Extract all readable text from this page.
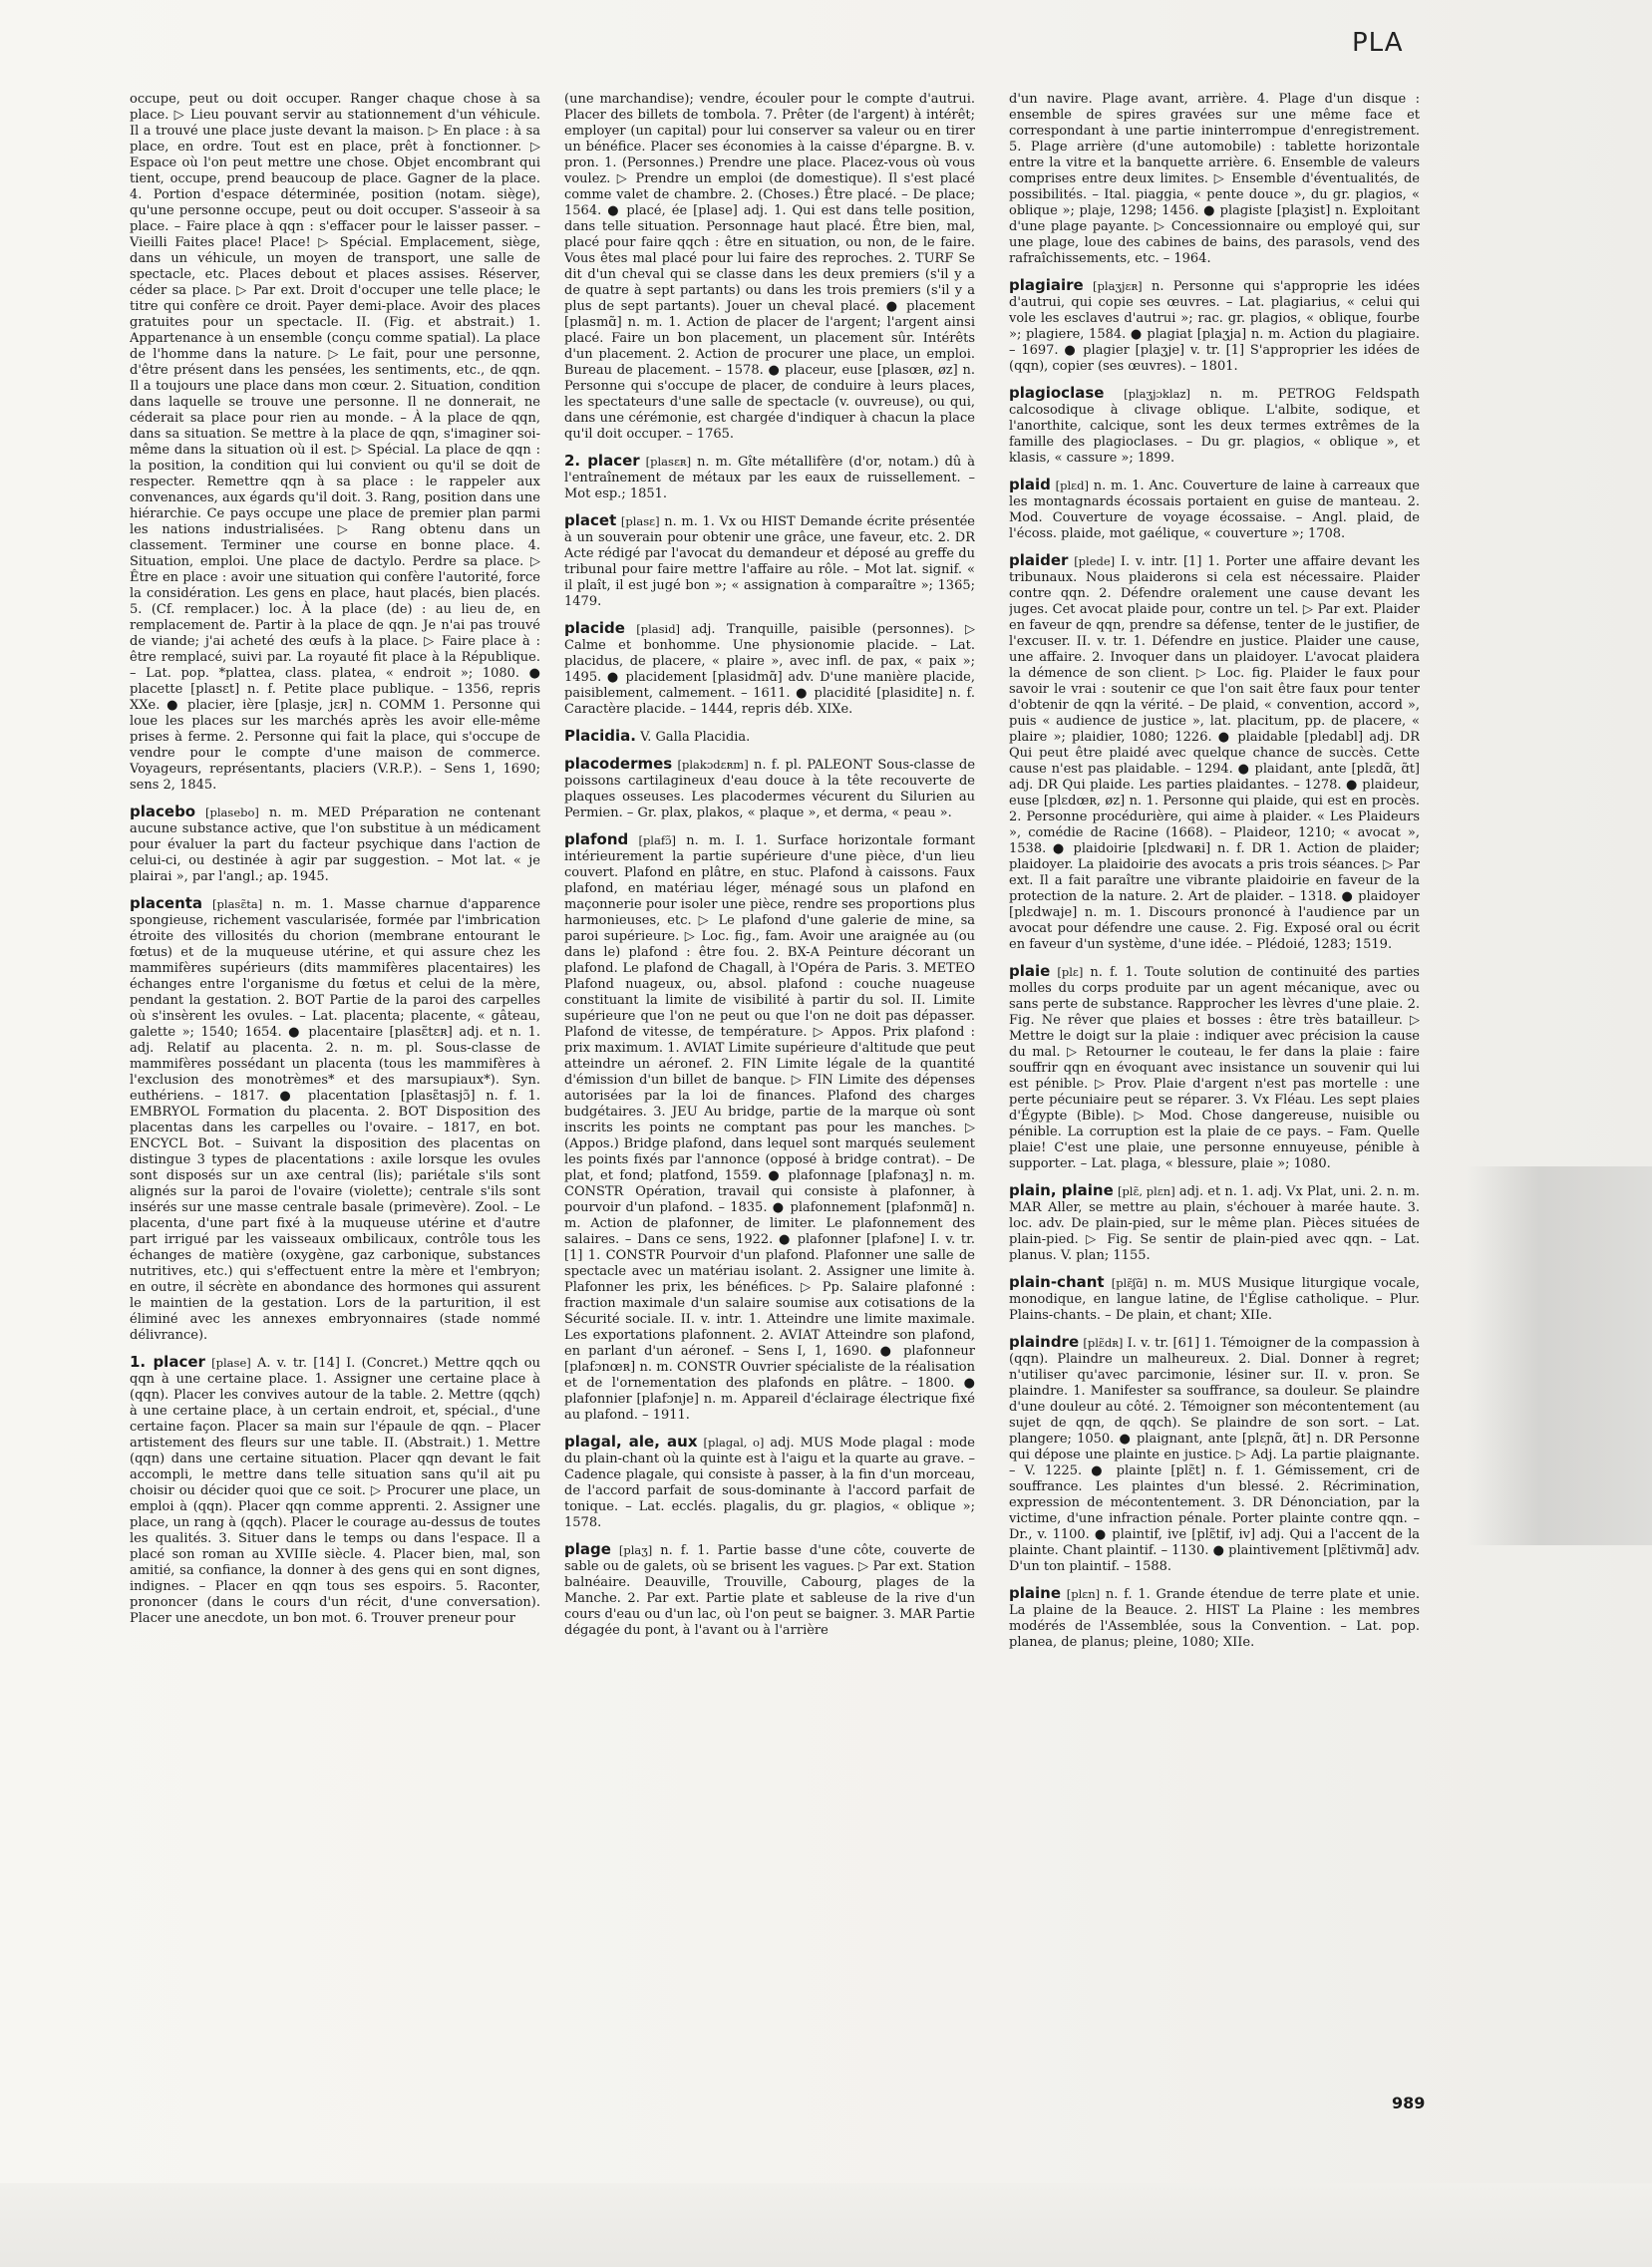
PLA
occupe, peut ou doit occuper. Ranger chaque chose à sa place. ▷ Lieu pouvant servir au stationnement d'un véhicule. Il a trouvé une place juste devant la maison. ▷ En place : à sa place, en ordre. Tout est en place, prêt à fonctionner. ▷ Espace où l'on peut mettre une chose. Objet encombrant qui tient, occupe, prend beaucoup de place. Gagner de la place. 4. Portion d'espace déterminée, position (notam. siège), qu'une personne occupe, peut ou doit occuper. S'asseoir à sa place. – Faire place à qqn : s'effacer pour le laisser passer. – Vieilli Faites place! Place! ▷ Spécial. Emplacement, siège, dans un véhicule, un moyen de transport, une salle de spectacle, etc. Places debout et places assises. Réserver, céder sa place. ▷ Par ext. Droit d'occuper une telle place; le titre qui confère ce droit. Payer demi-place. Avoir des places gratuites pour un spectacle. II. (Fig. et abstrait.) 1. Appartenance à un ensemble (conçu comme spatial). La place de l'homme dans la nature. ▷ Le fait, pour une personne, d'être présent dans les pensées, les sentiments, etc., de qqn. Il a toujours une place dans mon cœur. 2. Situation, condition dans laquelle se trouve une personne. Il ne donnerait, ne céderait sa place pour rien au monde. – À la place de qqn, dans sa situation. Se mettre à la place de qqn, s'imaginer soi-même dans la situation où il est. ▷ Spécial. La place de qqn : la position, la condition qui lui convient ou qu'il se doit de respecter. Remettre qqn à sa place : le rappeler aux convenances, aux égards qu'il doit. 3. Rang, position dans une hiérarchie. Ce pays occupe une place de premier plan parmi les nations industrialisées. ▷ Rang obtenu dans un classement. Terminer une course en bonne place. 4. Situation, emploi. Une place de dactylo. Perdre sa place. ▷ Être en place : avoir une situation qui confère l'autorité, force la considération. Les gens en place, haut placés, bien placés. 5. (Cf. remplacer.) loc. À la place (de) : au lieu de, en remplacement de. Partir à la place de qqn. Je n'ai pas trouvé de viande; j'ai acheté des œufs à la place. ▷ Faire place à : être remplacé, suivi par. La royauté fit place à la République. – Lat. pop. *plattea, class. platea, « endroit »; 1080. ● placette [plasɛt] n. f. Petite place publique. – 1356, repris XXe. ● placier, ière [plasje, jɛʀ] n. COMM 1. Personne qui loue les places sur les marchés après les avoir elle-même prises à ferme. 2. Personne qui fait la place, qui s'occupe de vendre pour le compte d'une maison de commerce. Voyageurs, représentants, placiers (V.R.P.). – Sens 1, 1690; sens 2, 1845.
placebo [plasebo] n. m. MED Préparation ne contenant aucune substance active, que l'on substitue à un médicament pour évaluer la part du facteur psychique dans l'action de celui-ci, ou destinée à agir par suggestion. – Mot lat. « je plairai », par l'angl.; ap. 1945.
placenta [plasɛ̃ta] n. m. 1. Masse charnue d'apparence spongieuse, richement vascularisée, formée par l'imbrication étroite des villosités du chorion (membrane entourant le fœtus) et de la muqueuse utérine, et qui assure chez les mammifères supérieurs (dits mammifères placentaires) les échanges entre l'organisme du fœtus et celui de la mère, pendant la gestation. 2. BOT Partie de la paroi des carpelles où s'insèrent les ovules. – Lat. placenta; placente, « gâteau, galette »; 1540; 1654. ● placentaire [plasɛ̃tɛʀ] adj. et n. 1. adj. Relatif au placenta. 2. n. m. pl. Sous-classe de mammifères possédant un placenta (tous les mammifères à l'exclusion des monotrèmes* et des marsupiaux*). Syn. euthériens. – 1817. ● placentation [plasɛ̃tasjɔ̃] n. f. 1. EMBRYOL Formation du placenta. 2. BOT Disposition des placentas dans les carpelles ou l'ovaire. – 1817, en bot. ENCYCL Bot. – Suivant la disposition des placentas on distingue 3 types de placentations : axile lorsque les ovules sont disposés sur un axe central (lis); pariétale s'ils sont alignés sur la paroi de l'ovaire (violette); centrale s'ils sont insérés sur une masse centrale basale (primevère). Zool. – Le placenta, d'une part fixé à la muqueuse utérine et d'autre part irrigué par les vaisseaux ombilicaux, contrôle tous les échanges de matière (oxygène, gaz carbonique, substances nutritives, etc.) qui s'effectuent entre la mère et l'embryon; en outre, il sécrète en abondance des hormones qui assurent le maintien de la gestation. Lors de la parturition, il est éliminé avec les annexes embryonnaires (stade nommé délivrance).
1. placer [plase] A. v. tr. [14] I. (Concret.) Mettre qqch ou qqn à une certaine place. 1. Assigner une certaine place à (qqn). Placer les convives autour de la table. 2. Mettre (qqch) à une certaine place, à un certain endroit, et, spécial., d'une certaine façon. Placer sa main sur l'épaule de qqn. – Placer artistement des fleurs sur une table. II. (Abstrait.) 1. Mettre (qqn) dans une certaine situation. Placer qqn devant le fait accompli, le mettre dans telle situation sans qu'il ait pu choisir ou décider quoi que ce soit. ▷ Procurer une place, un emploi à (qqn). Placer qqn comme apprenti. 2. Assigner une place, un rang à (qqch). Placer le courage au-dessus de toutes les qualités. 3. Situer dans le temps ou dans l'espace. Il a placé son roman au XVIIIe siècle. 4. Placer bien, mal, son amitié, sa confiance, la donner à des gens qui en sont dignes, indignes. – Placer en qqn tous ses espoirs. 5. Raconter, prononcer (dans le cours d'un récit, d'une conversation). Placer une anecdote, un bon mot. 6. Trouver preneur pour
(une marchandise); vendre, écouler pour le compte d'autrui. Placer des billets de tombola. 7. Prêter (de l'argent) à intérêt; employer (un capital) pour lui conserver sa valeur ou en tirer un bénéfice. Placer ses économies à la caisse d'épargne. B. v. pron. 1. (Personnes.) Prendre une place. Placez-vous où vous voulez. ▷ Prendre un emploi (de domestique). Il s'est placé comme valet de chambre. 2. (Choses.) Être placé. – De place; 1564. ● placé, ée [plase] adj. 1. Qui est dans telle position, dans telle situation. Personnage haut placé. Être bien, mal, placé pour faire qqch : être en situation, ou non, de le faire. Vous êtes mal placé pour lui faire des reproches. 2. TURF Se dit d'un cheval qui se classe dans les deux premiers (s'il y a de quatre à sept partants) ou dans les trois premiers (s'il y a plus de sept partants). Jouer un cheval placé. ● placement [plasmɑ̃] n. m. 1. Action de placer de l'argent; l'argent ainsi placé. Faire un bon placement, un placement sûr. Intérêts d'un placement. 2. Action de procurer une place, un emploi. Bureau de placement. – 1578. ● placeur, euse [plasœʀ, øz] n. Personne qui s'occupe de placer, de conduire à leurs places, les spectateurs d'une salle de spectacle (v. ouvreuse), ou qui, dans une cérémonie, est chargée d'indiquer à chacun la place qu'il doit occuper. – 1765.
2. placer [plasɛʀ] n. m. Gîte métallifère (d'or, notam.) dû à l'entraînement de métaux par les eaux de ruissellement. – Mot esp.; 1851.
placet [plasɛ] n. m. 1. Vx ou HIST Demande écrite présentée à un souverain pour obtenir une grâce, une faveur, etc. 2. DR Acte rédigé par l'avocat du demandeur et déposé au greffe du tribunal pour faire mettre l'affaire au rôle. – Mot lat. signif. « il plaît, il est jugé bon »; « assignation à comparaître »; 1365; 1479.
placide [plasid] adj. Tranquille, paisible (personnes). ▷ Calme et bonhomme. Une physionomie placide. – Lat. placidus, de placere, « plaire », avec infl. de pax, « paix »; 1495. ● placidement [plasidmɑ̃] adv. D'une manière placide, paisiblement, calmement. – 1611. ● placidité [plasidite] n. f. Caractère placide. – 1444, repris déb. XIXe.
Placidia. V. Galla Placidia.
placodermes [plakɔdɛʀm] n. f. pl. PALEONT Sous-classe de poissons cartilagineux d'eau douce à la tête recouverte de plaques osseuses. Les placodermes vécurent du Silurien au Permien. – Gr. plax, plakos, « plaque », et derma, « peau ».
plafond [plafɔ̃] n. m. I. 1. Surface horizontale formant intérieurement la partie supérieure d'une pièce, d'un lieu couvert. Plafond en plâtre, en stuc. Plafond à caissons. Faux plafond, en matériau léger, ménagé sous un plafond en maçonnerie pour isoler une pièce, rendre ses proportions plus harmonieuses, etc. ▷ Le plafond d'une galerie de mine, sa paroi supérieure. ▷ Loc. fig., fam. Avoir une araignée au (ou dans le) plafond : être fou. 2. BX-A Peinture décorant un plafond. Le plafond de Chagall, à l'Opéra de Paris. 3. METEO Plafond nuageux, ou, absol. plafond : couche nuageuse constituant la limite de visibilité à partir du sol. II. Limite supérieure que l'on ne peut ou que l'on ne doit pas dépasser. Plafond de vitesse, de température. ▷ Appos. Prix plafond : prix maximum. 1. AVIAT Limite supérieure d'altitude que peut atteindre un aéronef. 2. FIN Limite légale de la quantité d'émission d'un billet de banque. ▷ FIN Limite des dépenses autorisées par la loi de finances. Plafond des charges budgétaires. 3. JEU Au bridge, partie de la marque où sont inscrits les points ne comptant pas pour les manches. ▷ (Appos.) Bridge plafond, dans lequel sont marqués seulement les points fixés par l'annonce (opposé à bridge contrat). – De plat, et fond; platfond, 1559. ● plafonnage [plafɔnaʒ] n. m. CONSTR Opération, travail qui consiste à plafonner, à pourvoir d'un plafond. – 1835. ● plafonnement [plafɔnmɑ̃] n. m. Action de plafonner, de limiter. Le plafonnement des salaires. – Dans ce sens, 1922. ● plafonner [plafɔne] I. v. tr. [1] 1. CONSTR Pourvoir d'un plafond. Plafonner une salle de spectacle avec un matériau isolant. 2. Assigner une limite à. Plafonner les prix, les bénéfices. ▷ Pp. Salaire plafonné : fraction maximale d'un salaire soumise aux cotisations de la Sécurité sociale. II. v. intr. 1. Atteindre une limite maximale. Les exportations plafonnent. 2. AVIAT Atteindre son plafond, en parlant d'un aéronef. – Sens I, 1, 1690. ● plafonneur [plafɔnœʀ] n. m. CONSTR Ouvrier spécialiste de la réalisation et de l'ornementation des plafonds en plâtre. – 1800. ● plafonnier [plafɔnje] n. m. Appareil d'éclairage électrique fixé au plafond. – 1911.
plagal, ale, aux [plagal, o] adj. MUS Mode plagal : mode du plain-chant où la quinte est à l'aigu et la quarte au grave. – Cadence plagale, qui consiste à passer, à la fin d'un morceau, de l'accord parfait de sous-dominante à l'accord parfait de tonique. – Lat. ecclés. plagalis, du gr. plagios, « oblique »; 1578.
plage [plaʒ] n. f. 1. Partie basse d'une côte, couverte de sable ou de galets, où se brisent les vagues. ▷ Par ext. Station balnéaire. Deauville, Trouville, Cabourg, plages de la Manche. 2. Par ext. Partie plate et sableuse de la rive d'un cours d'eau ou d'un lac, où l'on peut se baigner. 3. MAR Partie dégagée du pont, à l'avant ou à l'arrière
d'un navire. Plage avant, arrière. 4. Plage d'un disque : ensemble de spires gravées sur une même face et correspondant à une partie ininterrompue d'enregistrement. 5. Plage arrière (d'une automobile) : tablette horizontale entre la vitre et la banquette arrière. 6. Ensemble de valeurs comprises entre deux limites. ▷ Ensemble d'éventualités, de possibilités. – Ital. piaggia, « pente douce », du gr. plagios, « oblique »; plaje, 1298; 1456. ● plagiste [plaʒist] n. Exploitant d'une plage payante. ▷ Concessionnaire ou employé qui, sur une plage, loue des cabines de bains, des parasols, vend des rafraîchissements, etc. – 1964.
plagiaire [plaʒjɛʀ] n. Personne qui s'approprie les idées d'autrui, qui copie ses œuvres. – Lat. plagiarius, « celui qui vole les esclaves d'autrui »; rac. gr. plagios, « oblique, fourbe »; plagiere, 1584. ● plagiat [plaʒja] n. m. Action du plagiaire. – 1697. ● plagier [plaʒje] v. tr. [1] S'approprier les idées de (qqn), copier (ses œuvres). – 1801.
plagioclase [plaʒjɔklaz] n. m. PETROG Feldspath calcosodique à clivage oblique. L'albite, sodique, et l'anorthite, calcique, sont les deux termes extrêmes de la famille des plagioclases. – Du gr. plagios, « oblique », et klasis, « cassure »; 1899.
plaid [plɛd] n. m. 1. Anc. Couverture de laine à carreaux que les montagnards écossais portaient en guise de manteau. 2. Mod. Couverture de voyage écossaise. – Angl. plaid, de l'écoss. plaide, mot gaélique, « couverture »; 1708.
plaider [plede] I. v. intr. [1] 1. Porter une affaire devant les tribunaux. Nous plaiderons si cela est nécessaire. Plaider contre qqn. 2. Défendre oralement une cause devant les juges. Cet avocat plaide pour, contre un tel. ▷ Par ext. Plaider en faveur de qqn, prendre sa défense, tenter de le justifier, de l'excuser. II. v. tr. 1. Défendre en justice. Plaider une cause, une affaire. 2. Invoquer dans un plaidoyer. L'avocat plaidera la démence de son client. ▷ Loc. fig. Plaider le faux pour savoir le vrai : soutenir ce que l'on sait être faux pour tenter d'obtenir de qqn la vérité. – De plaid, « convention, accord », puis « audience de justice », lat. placitum, pp. de placere, « plaire »; plaidier, 1080; 1226. ● plaidable [pledabl] adj. DR Qui peut être plaidé avec quelque chance de succès. Cette cause n'est pas plaidable. – 1294. ● plaidant, ante [plɛdɑ̃, ɑ̃t] adj. DR Qui plaide. Les parties plaidantes. – 1278. ● plaideur, euse [plɛdœʀ, øz] n. 1. Personne qui plaide, qui est en procès. 2. Personne procédurière, qui aime à plaider. « Les Plaideurs », comédie de Racine (1668). – Plaideor, 1210; « avocat », 1538. ● plaidoirie [plɛdwaʀi] n. f. DR 1. Action de plaider; plaidoyer. La plaidoirie des avocats a pris trois séances. ▷ Par ext. Il a fait paraître une vibrante plaidoirie en faveur de la protection de la nature. 2. Art de plaider. – 1318. ● plaidoyer [plɛdwaje] n. m. 1. Discours prononcé à l'audience par un avocat pour défendre une cause. 2. Fig. Exposé oral ou écrit en faveur d'un système, d'une idée. – Plédoié, 1283; 1519.
plaie [plɛ] n. f. 1. Toute solution de continuité des parties molles du corps produite par un agent mécanique, avec ou sans perte de substance. Rapprocher les lèvres d'une plaie. 2. Fig. Ne rêver que plaies et bosses : être très batailleur. ▷ Mettre le doigt sur la plaie : indiquer avec précision la cause du mal. ▷ Retourner le couteau, le fer dans la plaie : faire souffrir qqn en évoquant avec insistance un souvenir qui lui est pénible. ▷ Prov. Plaie d'argent n'est pas mortelle : une perte pécuniaire peut se réparer. 3. Vx Fléau. Les sept plaies d'Égypte (Bible). ▷ Mod. Chose dangereuse, nuisible ou pénible. La corruption est la plaie de ce pays. – Fam. Quelle plaie! C'est une plaie, une personne ennuyeuse, pénible à supporter. – Lat. plaga, « blessure, plaie »; 1080.
plain, plaine [plɛ̃, plɛn] adj. et n. 1. adj. Vx Plat, uni. 2. n. m. MAR Aller, se mettre au plain, s'échouer à marée haute. 3. loc. adv. De plain-pied, sur le même plan. Pièces situées de plain-pied. ▷ Fig. Se sentir de plain-pied avec qqn. – Lat. planus. V. plan; 1155.
plain-chant [plɛ̃ʃɑ̃] n. m. MUS Musique liturgique vocale, monodique, en langue latine, de l'Église catholique. – Plur. Plains-chants. – De plain, et chant; XIIe.
plaindre [plɛ̃dʀ] I. v. tr. [61] 1. Témoigner de la compassion à (qqn). Plaindre un malheureux. 2. Dial. Donner à regret; n'utiliser qu'avec parcimonie, lésiner sur. II. v. pron. Se plaindre. 1. Manifester sa souffrance, sa douleur. Se plaindre d'une douleur au côté. 2. Témoigner son mécontentement (au sujet de qqn, de qqch). Se plaindre de son sort. – Lat. plangere; 1050. ● plaignant, ante [plɛɲɑ̃, ɑ̃t] n. DR Personne qui dépose une plainte en justice. ▷ Adj. La partie plaignante. – V. 1225. ● plainte [plɛ̃t] n. f. 1. Gémissement, cri de souffrance. Les plaintes d'un blessé. 2. Récrimination, expression de mécontentement. 3. DR Dénonciation, par la victime, d'une infraction pénale. Porter plainte contre qqn. – Dr., v. 1100. ● plaintif, ive [plɛ̃tif, iv] adj. Qui a l'accent de la plainte. Chant plaintif. – 1130. ● plaintivement [plɛ̃tivmɑ̃] adv. D'un ton plaintif. – 1588.
plaine [plɛn] n. f. 1. Grande étendue de terre plate et unie. La plaine de la Beauce. 2. HIST La Plaine : les membres modérés de l'Assemblée, sous la Convention. – Lat. pop. planea, de planus; pleine, 1080; XIIe.
989
